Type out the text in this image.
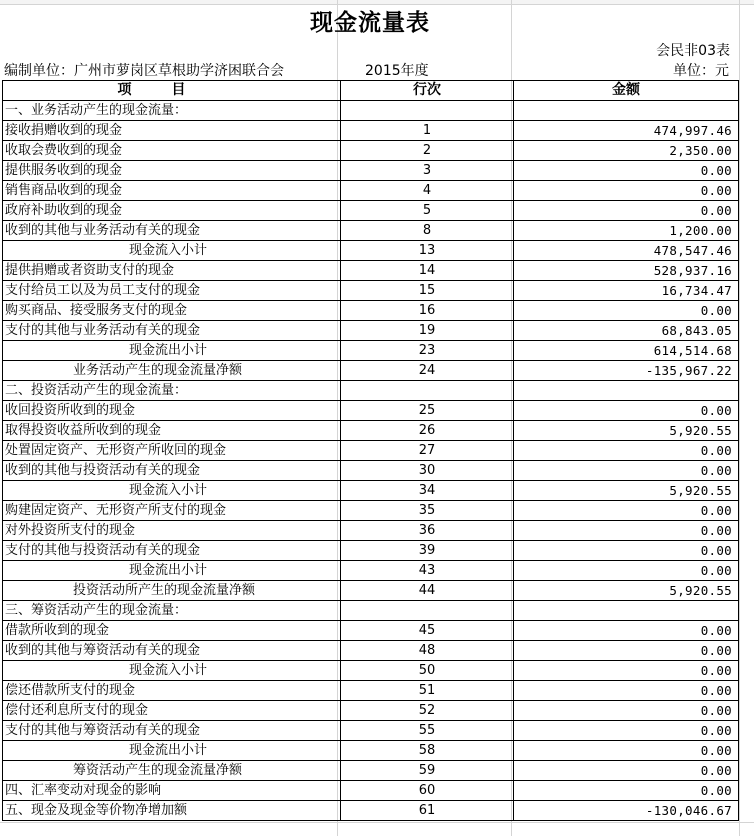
现金流量表
会民非03表
编制单位：广州市萝岗区草根助学济困联合会	2015年度	单位：元
项目	行次	金额
一、业务活动产生的现金流量：		
接收捐赠收到的现金	1	474,997.46
收取会费收到的现金	2	2,350.00
提供服务收到的现金	3	0.00
销售商品收到的现金	4	0.00
政府补助收到的现金	5	0.00
收到的其他与业务活动有关的现金	8	1,200.00
现金流入小计	13	478,547.46
提供捐赠或者资助支付的现金	14	528,937.16
支付给员工以及为员工支付的现金	15	16,734.47
购买商品、接受服务支付的现金	16	0.00
支付的其他与业务活动有关的现金	19	68,843.05
现金流出小计	23	614,514.68
业务活动产生的现金流量净额	24	-135,967.22
二、投资活动产生的现金流量：		
收回投资所收到的现金	25	0.00
取得投资收益所收到的现金	26	5,920.55
处置固定资产、无形资产所收回的现金	27	0.00
收到的其他与投资活动有关的现金	30	0.00
现金流入小计	34	5,920.55
购建固定资产、无形资产所支付的现金	35	0.00
对外投资所支付的现金	36	0.00
支付的其他与投资活动有关的现金	39	0.00
现金流出小计	43	0.00
投资活动所产生的现金流量净额	44	5,920.55
三、筹资活动产生的现金流量：		
借款所收到的现金	45	0.00
收到的其他与筹资活动有关的现金	48	0.00
现金流入小计	50	0.00
偿还借款所支付的现金	51	0.00
偿付还利息所支付的现金	52	0.00
支付的其他与筹资活动有关的现金	55	0.00
现金流出小计	58	0.00
筹资活动产生的现金流量净额	59	0.00
四、汇率变动对现金的影响	60	0.00
五、现金及现金等价物净增加额	61	-130,046.67
